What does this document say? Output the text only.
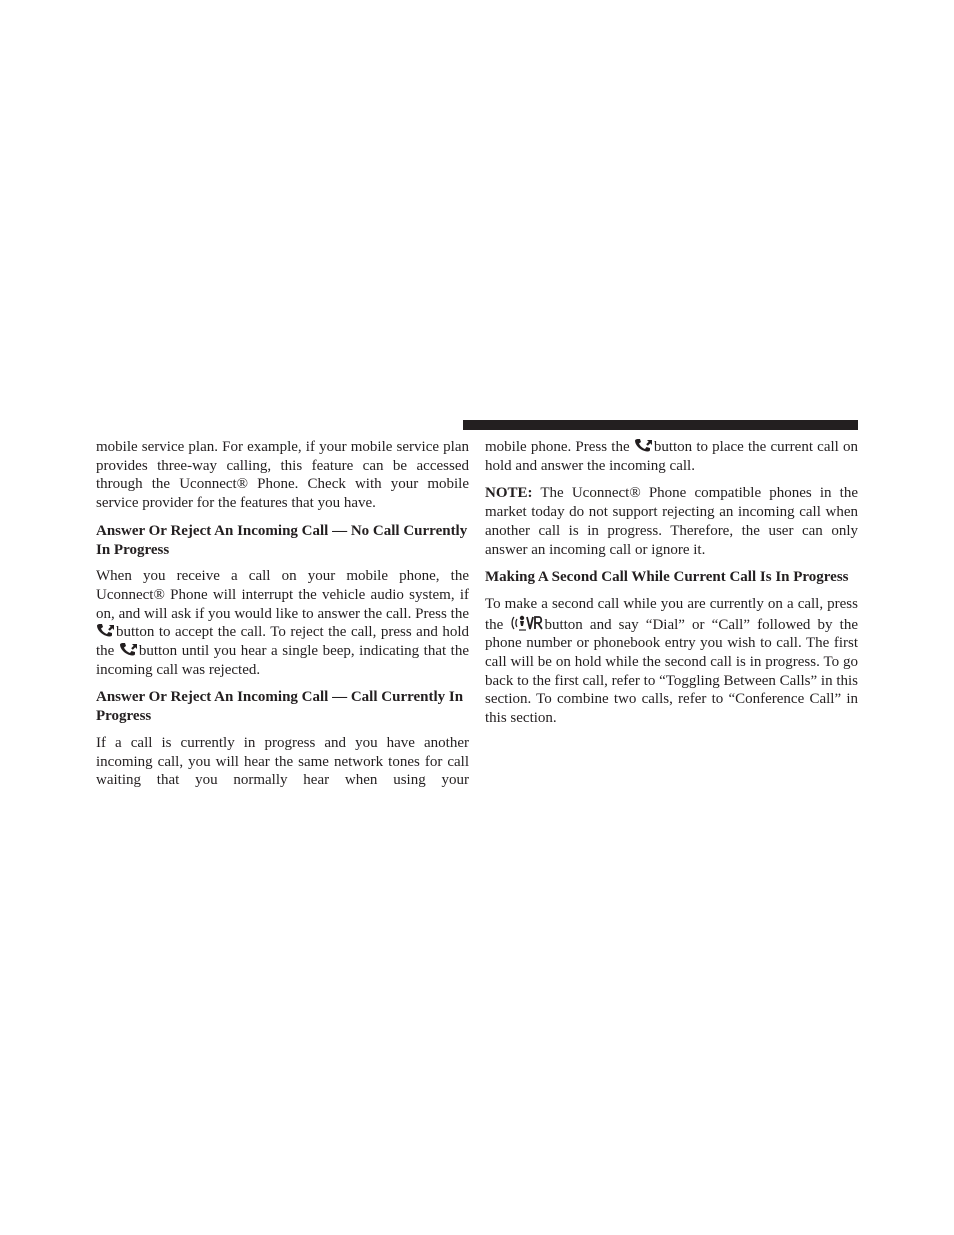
mobile service plan. For example, if your mobile service plan provides three-way calling, this feature can be accessed through the Uconnect® Phone. Check with your mobile service provider for the features that you have.

Answer Or Reject An Incoming Call — No Call Currently In Progress

When you receive a call on your mobile phone, the Uconnect® Phone will interrupt the vehicle audio system, if on, and will ask if you would like to answer the call. Press the button to accept the call. To reject the call, press and hold the button until you hear a single beep, indicating that the incoming call was rejected.

Answer Or Reject An Incoming Call — Call Currently In Progress

If a call is currently in progress and you have another incoming call, you will hear the same network tones for call waiting that you normally hear when using your

mobile phone. Press the button to place the current call on hold and answer the incoming call.

NOTE: The Uconnect® Phone compatible phones in the market today do not support rejecting an incoming call when another call is in progress. Therefore, the user can only answer an incoming call or ignore it.

Making A Second Call While Current Call Is In Progress

To make a second call while you are currently on a call, press the	button and say “Dial” or “Call” followed by the phone number or phonebook entry you wish to call. The first call will be on hold while the second call is in progress. To go back to the first call, refer to “Toggling Between Calls” in this section. To combine two calls, refer to “Conference Call” in this section.
